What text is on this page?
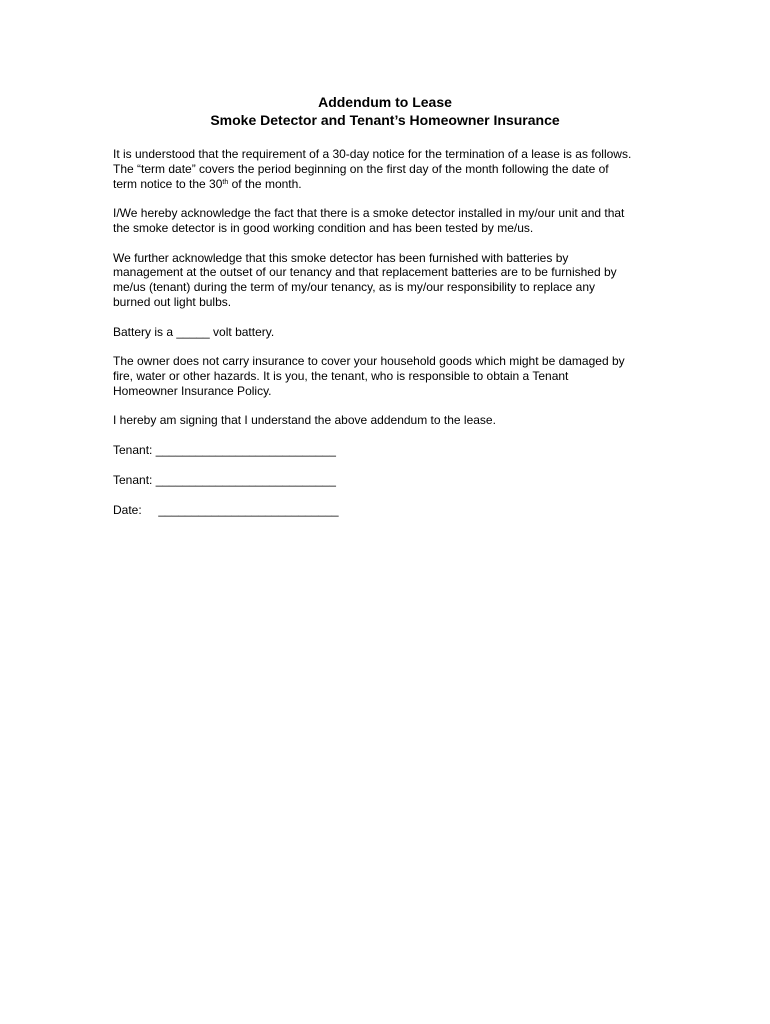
Addendum to Lease
Smoke Detector and Tenant’s Homeowner Insurance

It is understood that the requirement of a 30-day notice for the termination of a lease is as follows.
The “term date” covers the period beginning on the first day of the month following the date of
term notice to the 30th of the month.

I/We hereby acknowledge the fact that there is a smoke detector installed in my/our unit and that
the smoke detector is in good working condition and has been tested by me/us.

We further acknowledge that this smoke detector has been furnished with batteries by
management at the outset of our tenancy and that replacement batteries are to be furnished by
me/us (tenant) during the term of my/our tenancy, as is my/our responsibility to replace any
burned out light bulbs.

Battery is a _____ volt battery.

The owner does not carry insurance to cover your household goods which might be damaged by
fire, water or other hazards. It is you, the tenant, who is responsible to obtain a Tenant
Homeowner Insurance Policy.

I hereby am signing that I understand the above addendum to the lease.

Tenant: ___________________________
Tenant: ___________________________
Date:     ___________________________
